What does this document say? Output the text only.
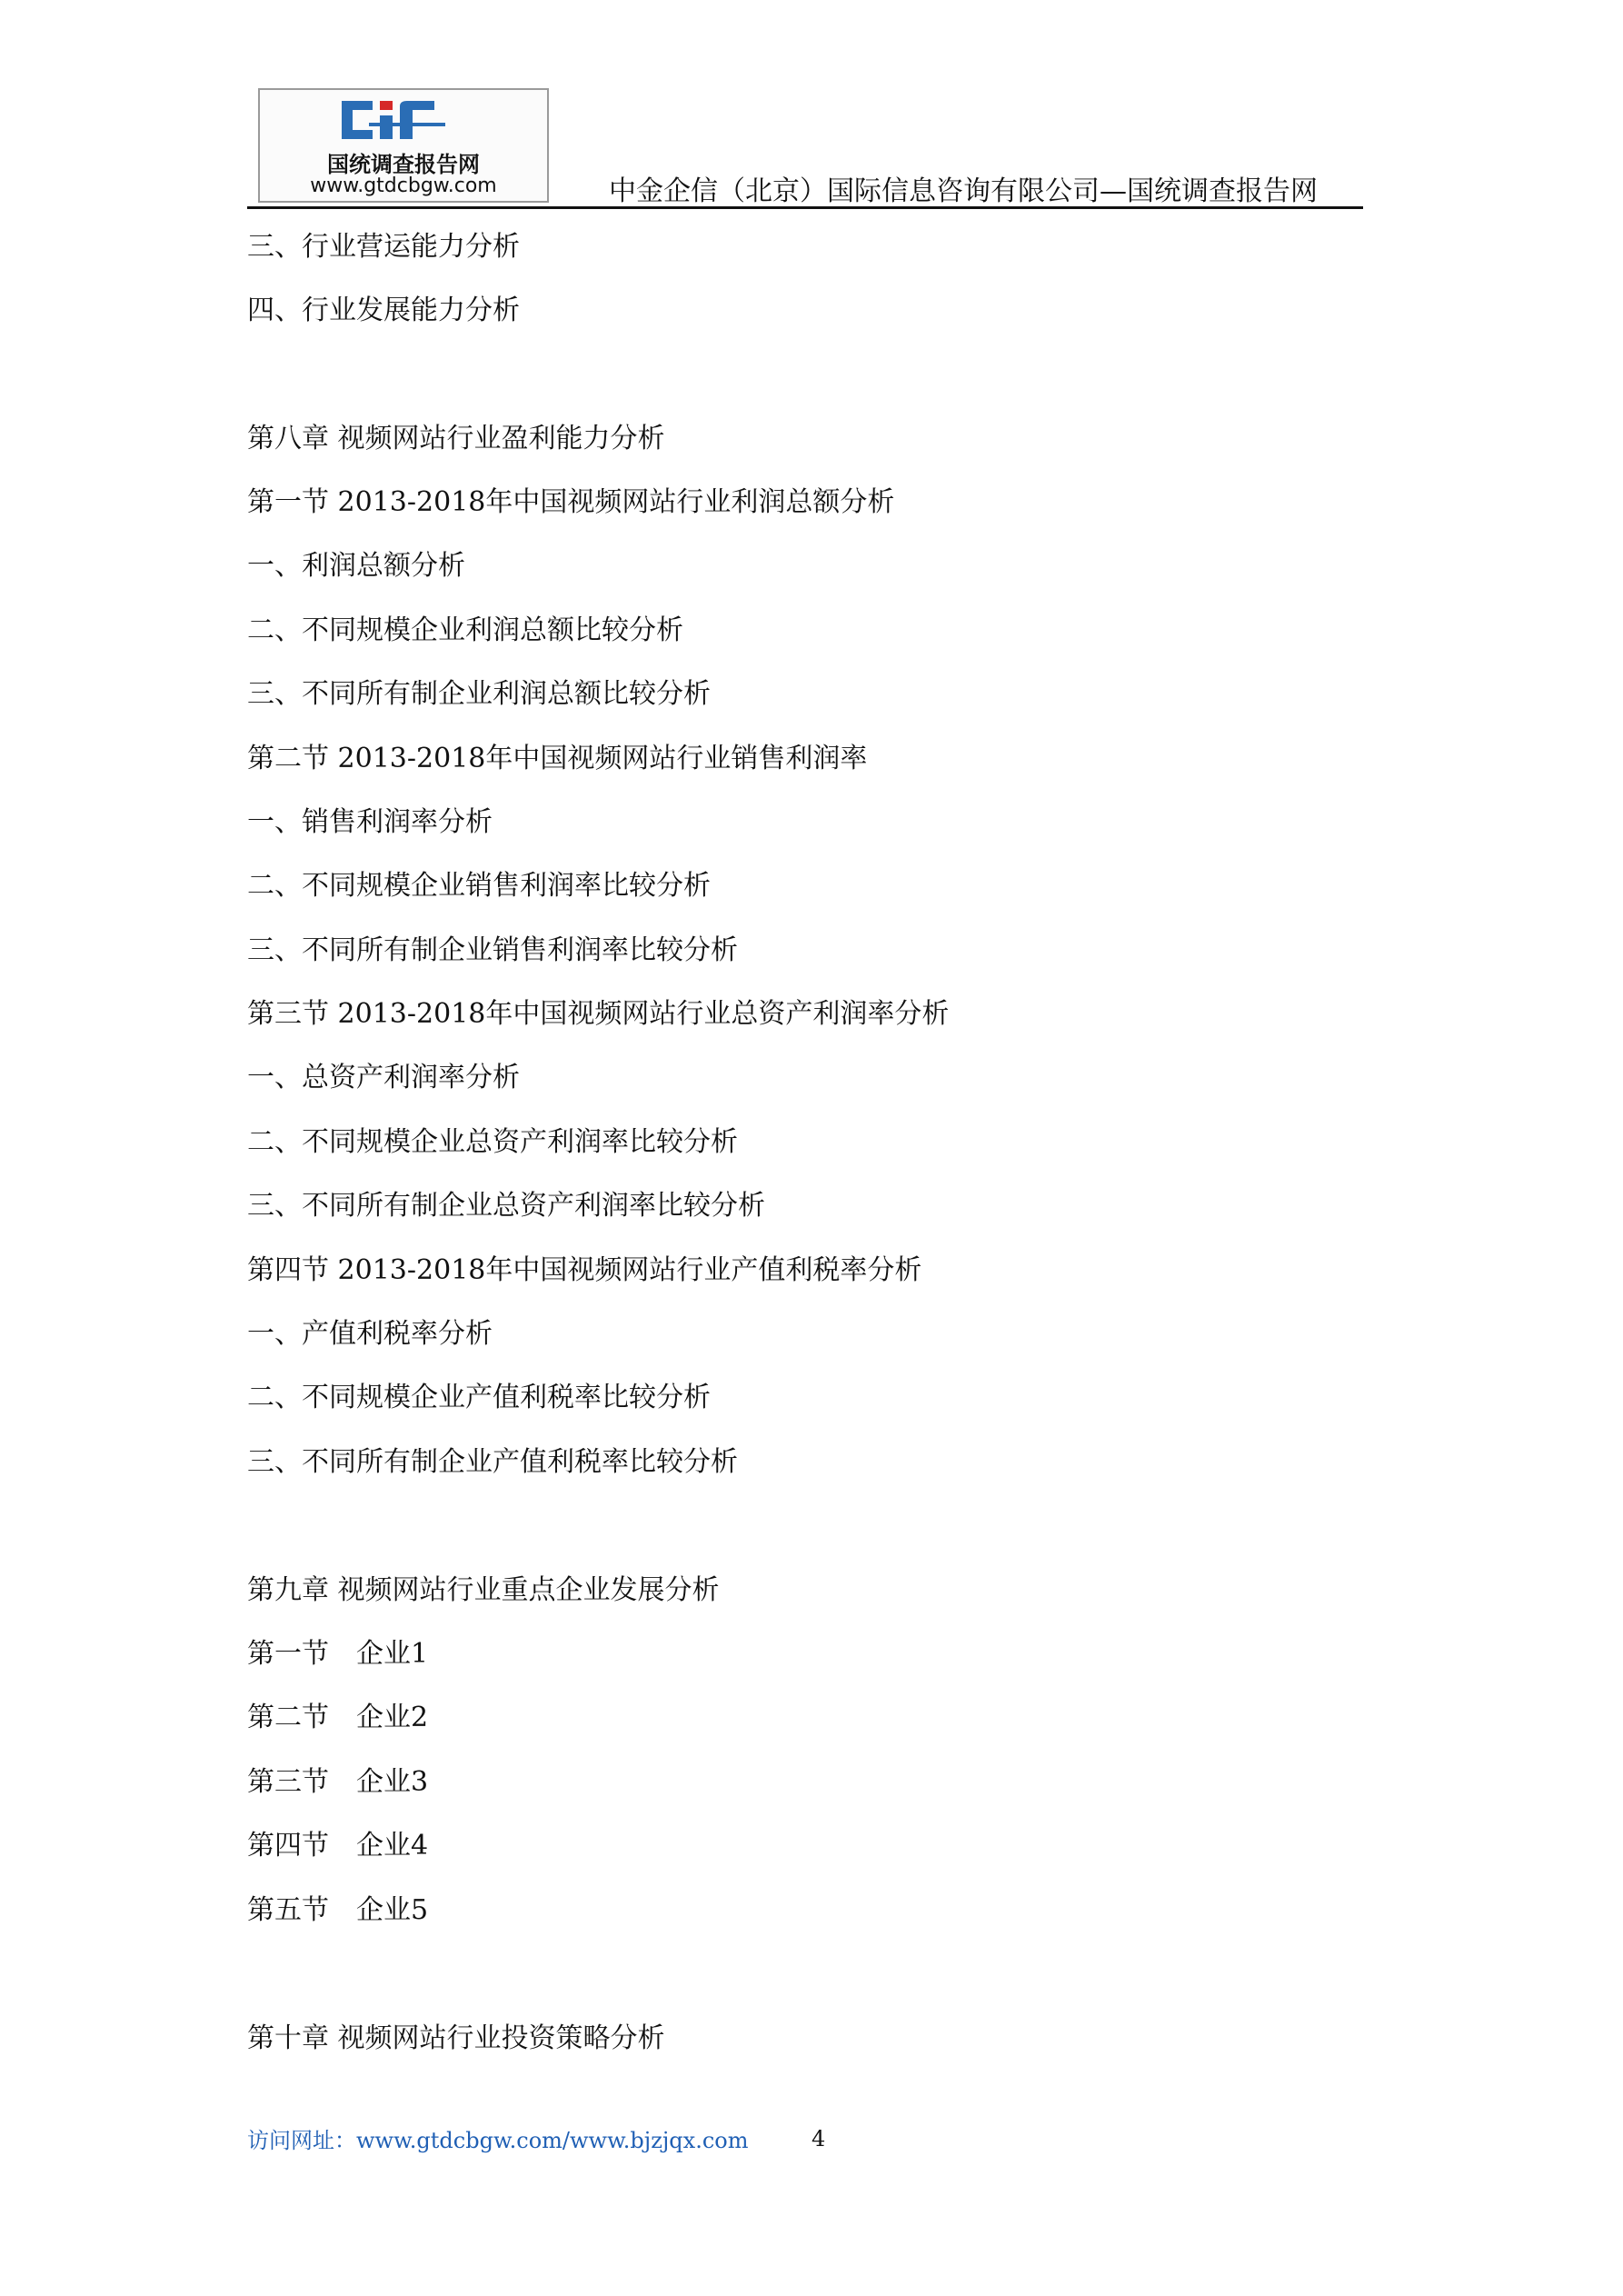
国统调查报告网
www.gtdcbgw.com	中金企信（北京）国际信息咨询有限公司—国统调查报告网
三、行业营运能力分析
四、行业发展能力分析
第八章 视频网站行业盈利能力分析
第一节 2013-2018年中国视频网站行业利润总额分析
一、利润总额分析
二、不同规模企业利润总额比较分析
三、不同所有制企业利润总额比较分析
第二节 2013-2018年中国视频网站行业销售利润率
一、销售利润率分析
二、不同规模企业销售利润率比较分析
三、不同所有制企业销售利润率比较分析
第三节 2013-2018年中国视频网站行业总资产利润率分析
一、总资产利润率分析
二、不同规模企业总资产利润率比较分析
三、不同所有制企业总资产利润率比较分析
第四节 2013-2018年中国视频网站行业产值利税率分析
一、产值利税率分析
二、不同规模企业产值利税率比较分析
三、不同所有制企业产值利税率比较分析
第九章 视频网站行业重点企业发展分析
第一节　企业1
第二节　企业2
第三节　企业3
第四节　企业4
第五节　企业5
第十章 视频网站行业投资策略分析
访问网址：www.gtdcbgw.com/www.bjzjqx.com	4
